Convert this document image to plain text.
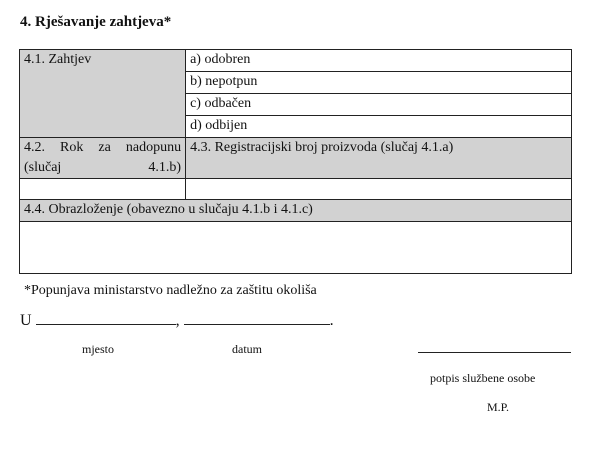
4. Rješavanje zahtjeva*
4.1. Zahtjev	a) odobren
	b) nepotpun
	c) odbačen
	d) odbijen
4.2. Rok za nadopunu (slučaj 4.1.b)	4.3. Registracijski broj proizvoda (slučaj 4.1.a)

4.4. Obrazloženje (obavezno u slučaju 4.1.b i 4.1.c)	

*Popunjava ministarstvo nadležno za zaštitu okoliša
U	,	.
mjesto	datum
potpis službene osobe
M.P.
